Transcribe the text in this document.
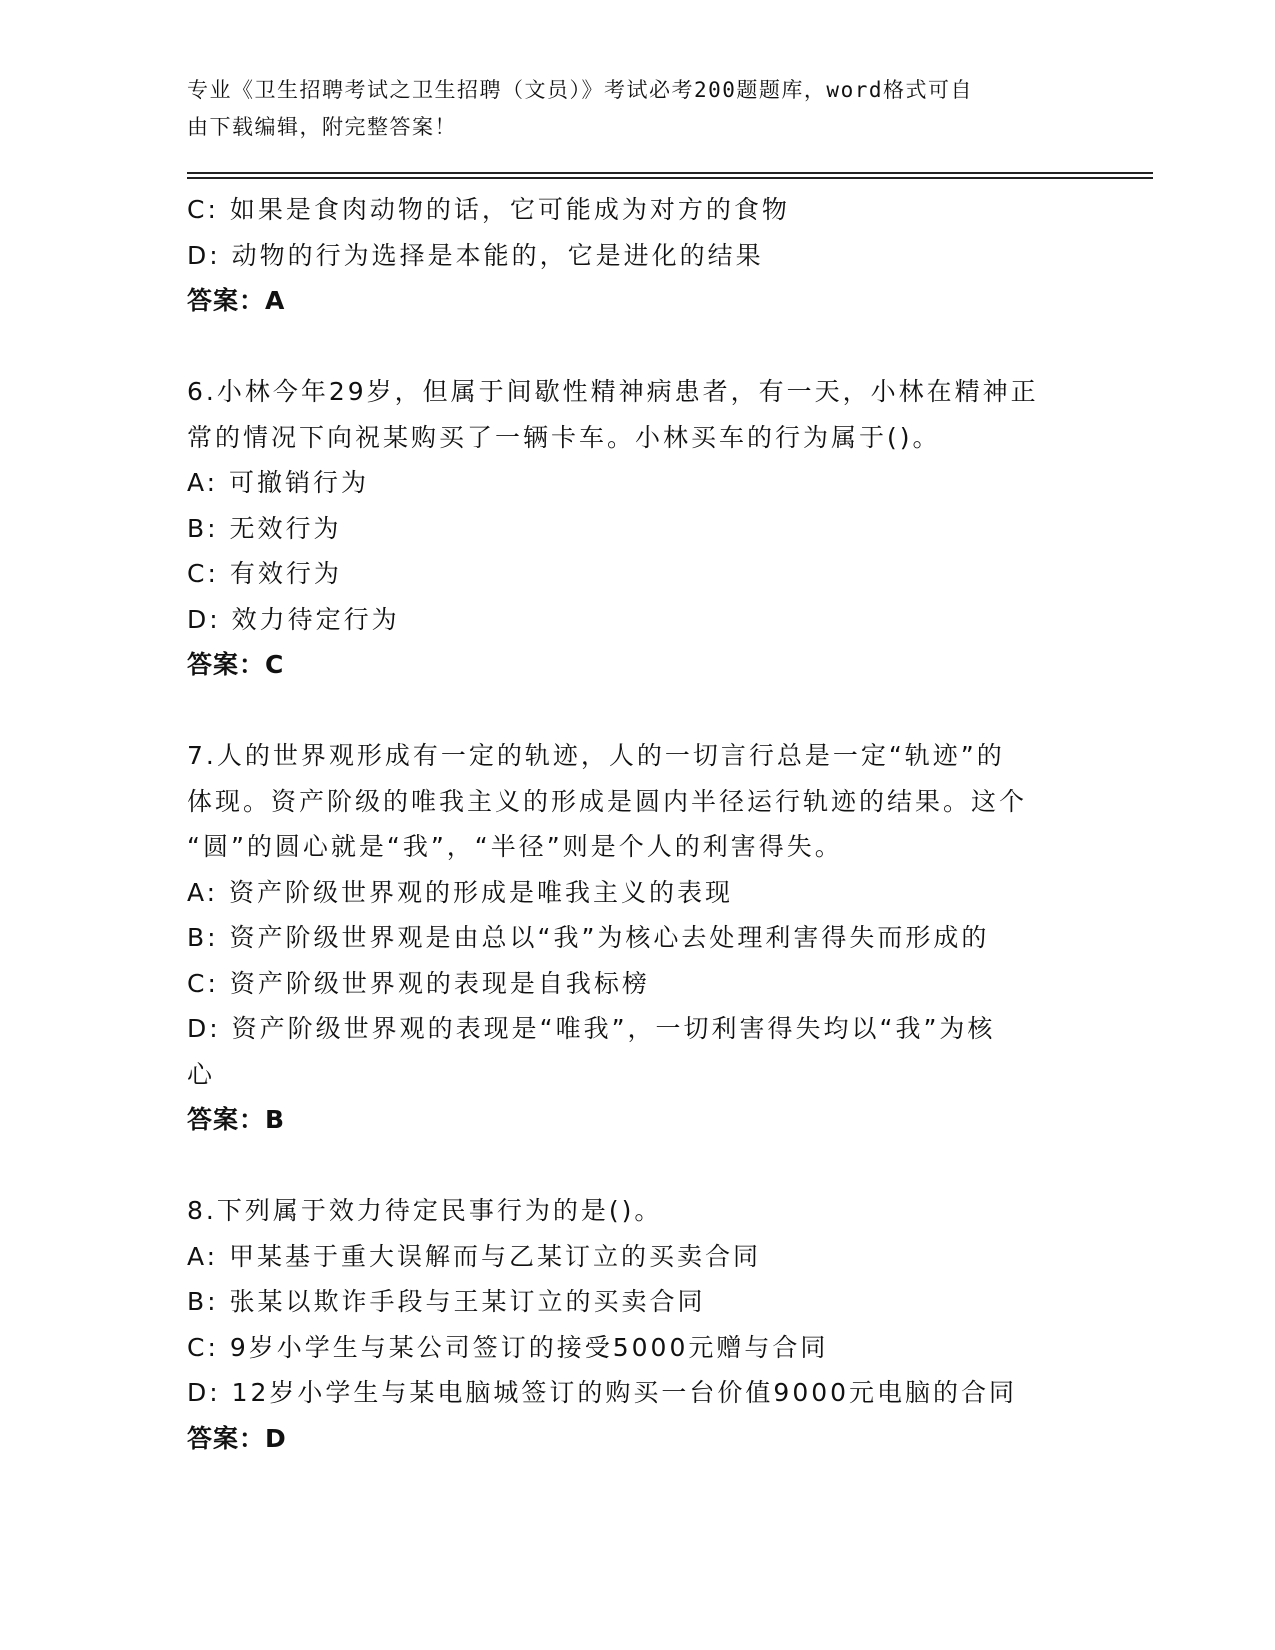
专业《卫生招聘考试之卫生招聘（文员）》考试必考200题题库，word格式可自
由下载编辑，附完整答案！
C: 如果是食肉动物的话，它可能成为对方的食物
D: 动物的行为选择是本能的，它是进化的结果
答案：A
6.小林今年29岁，但属于间歇性精神病患者，有一天，小林在精神正
常的情况下向祝某购买了一辆卡车。小林买车的行为属于()。
A: 可撤销行为
B: 无效行为
C: 有效行为
D: 效力待定行为
答案：C
7.人的世界观形成有一定的轨迹，人的一切言行总是一定“轨迹”的
体现。资产阶级的唯我主义的形成是圆内半径运行轨迹的结果。这个
“圆”的圆心就是“我”，“半径”则是个人的利害得失。
A: 资产阶级世界观的形成是唯我主义的表现
B: 资产阶级世界观是由总以“我”为核心去处理利害得失而形成的
C: 资产阶级世界观的表现是自我标榜
D: 资产阶级世界观的表现是“唯我”，一切利害得失均以“我”为核
心
答案：B
8.下列属于效力待定民事行为的是()。
A: 甲某基于重大误解而与乙某订立的买卖合同
B: 张某以欺诈手段与王某订立的买卖合同
C: 9岁小学生与某公司签订的接受5000元赠与合同
D: 12岁小学生与某电脑城签订的购买一台价值9000元电脑的合同
答案：D
